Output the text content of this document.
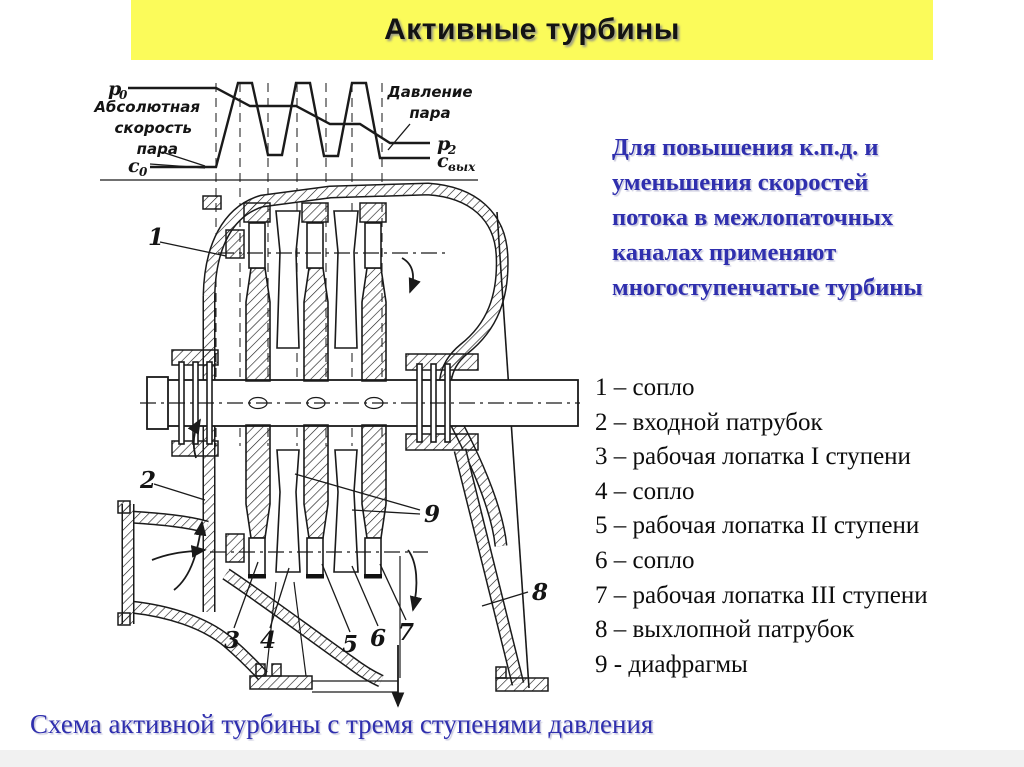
Активные турбины
Для повышения к.п.д. и уменьшения скоростей потока в межлопаточных каналах применяют многоступенчатые турбины
1 – сопло
2 – входной патрубок
3 – рабочая лопатка I ступени
4 – сопло
5 – рабочая лопатка II ступени
6 – сопло
7 – рабочая лопатка III ступени
8 – выхлопной патрубок
9 - диафрагмы
Схема активной турбины с тремя ступенями давления
p
0
Абсолютная
скорость
пара
c 0
Давление
пара
p
2
c вых
1
2
3 4	5 6 7
8
9
